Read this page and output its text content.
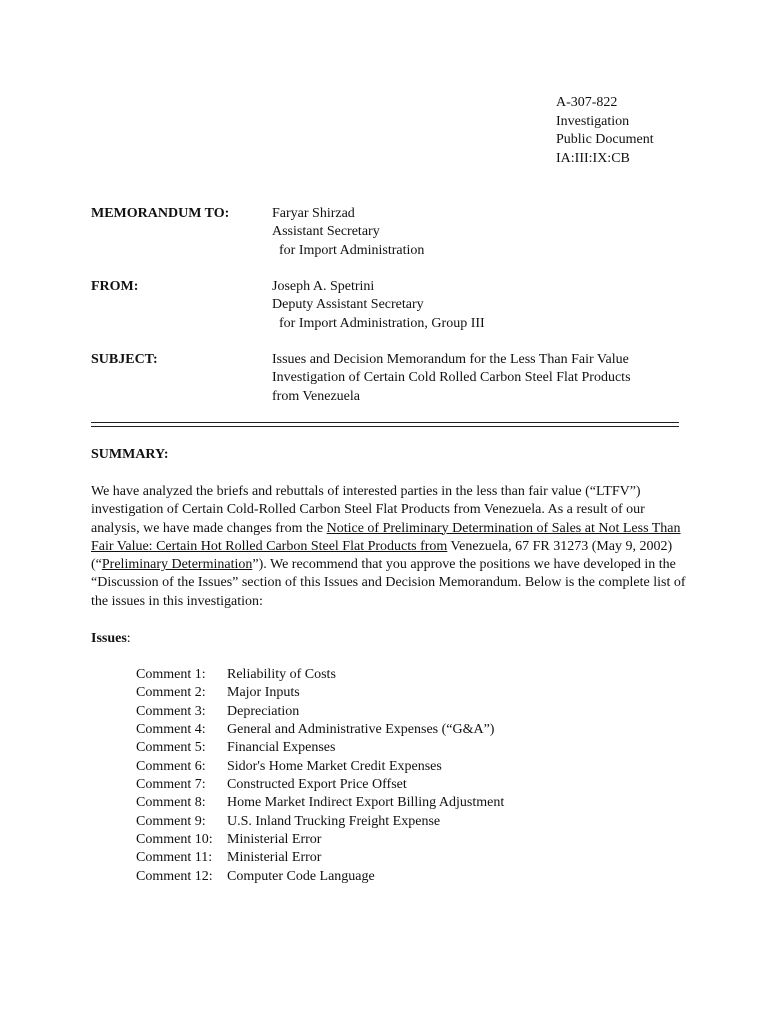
A-307-822
Investigation
Public Document
IA:III:IX:CB
MEMORANDUM TO:	Faryar Shirzad
Assistant Secretary
for Import Administration
FROM:	Joseph A. Spetrini
Deputy Assistant Secretary
for Import Administration, Group III
SUBJECT:	Issues and Decision Memorandum for the Less Than Fair Value
Investigation of Certain Cold Rolled Carbon Steel Flat Products
from Venezuela
SUMMARY:
We have analyzed the briefs and rebuttals of interested parties in the less than fair value (“LTFV”) investigation of Certain Cold-Rolled Carbon Steel Flat Products from Venezuela. As a result of our analysis, we have made changes from the Notice of Preliminary Determination of Sales at Not Less Than Fair Value: Certain Hot Rolled Carbon Steel Flat Products from Venezuela, 67 FR 31273 (May 9, 2002) (“Preliminary Determination”). We recommend that you approve the positions we have developed in the “Discussion of the Issues” section of this Issues and Decision Memorandum. Below is the complete list of the issues in this investigation:
Issues:
Comment 1:	Reliability of Costs
Comment 2:	Major Inputs
Comment 3:	Depreciation
Comment 4:	General and Administrative Expenses (“G&A”)
Comment 5:	Financial Expenses
Comment 6:	Sidor's Home Market Credit Expenses
Comment 7:	Constructed Export Price Offset
Comment 8:	Home Market Indirect Export Billing Adjustment
Comment 9:	U.S. Inland Trucking Freight Expense
Comment 10:	Ministerial Error
Comment 11:	Ministerial Error
Comment 12:	Computer Code Language
